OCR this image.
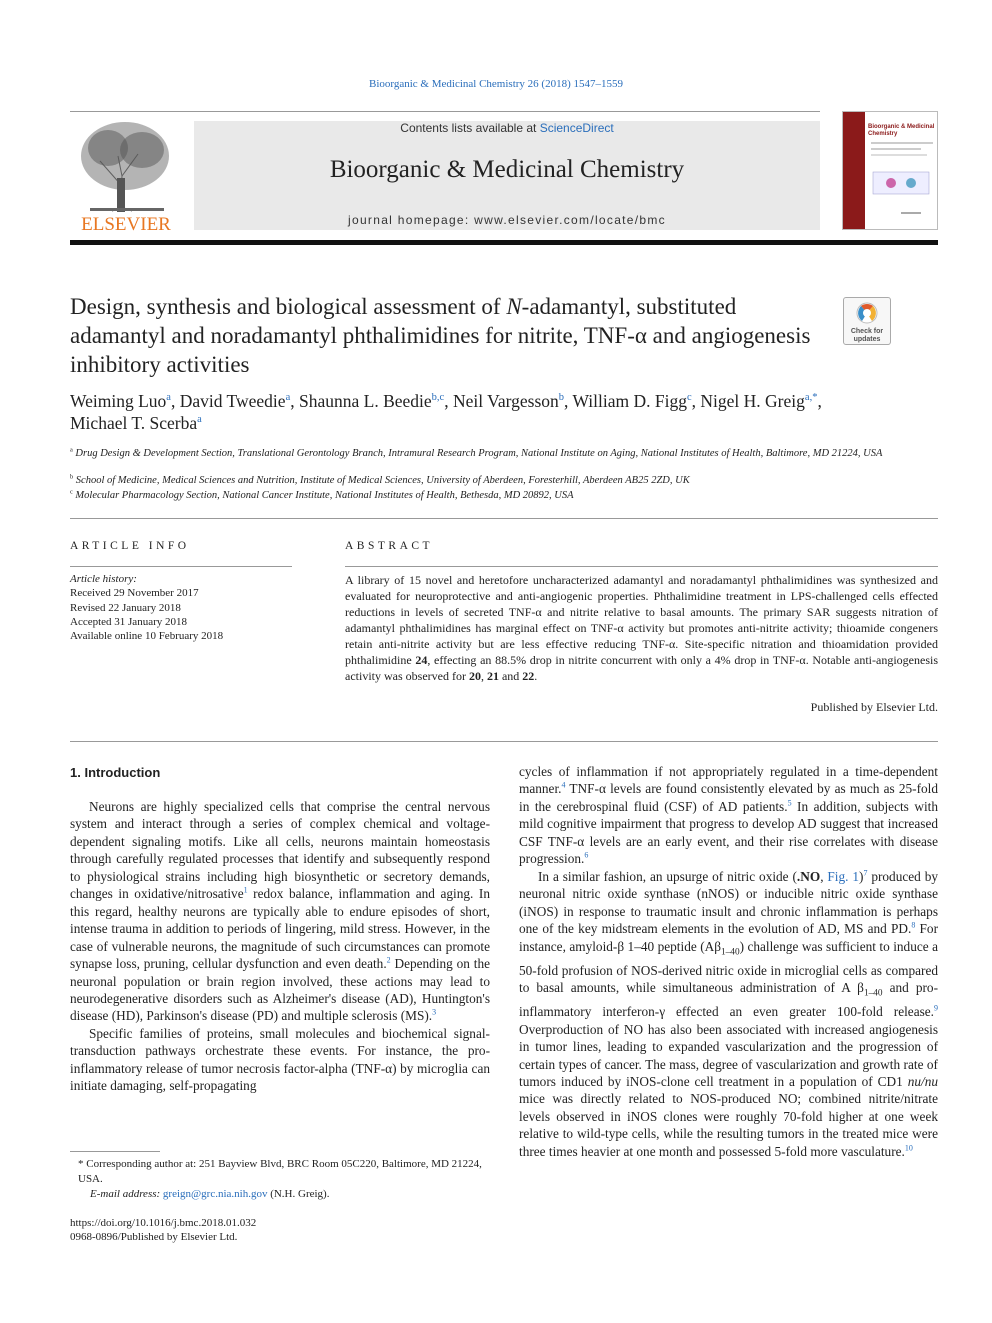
Bioorganic & Medicinal Chemistry 26 (2018) 1547–1559
ELSEVIER
Contents lists available at ScienceDirect
Bioorganic & Medicinal Chemistry
journal homepage: www.elsevier.com/locate/bmc
Bioorganic & Medicinal Chemistry
Design, synthesis and biological assessment of N-adamantyl, substituted adamantyl and noradamantyl phthalimidines for nitrite, TNF-α and angiogenesis inhibitory activities
Check for
updates
Weiming Luo$^a$, David Tweedie$^a$, Shaunna L. Beedie$^{b,c}$, Neil Vargesson$^b$, William D. Figg$^c$, Nigel H. Greig$^{a,*}$,
Michael T. Scerba$^a$
$^a$ Drug Design & Development Section, Translational Gerontology Branch, Intramural Research Program, National Institute on Aging, National Institutes of Health, Baltimore, MD 21224, USA
$^b$ School of Medicine, Medical Sciences and Nutrition, Institute of Medical Sciences, University of Aberdeen, Foresterhill, Aberdeen AB25 2ZD, UK
$^c$ Molecular Pharmacology Section, National Cancer Institute, National Institutes of Health, Bethesda, MD 20892, USA
ARTICLE INFO
Article history:
Received 29 November 2017
Revised 22 January 2018
Accepted 31 January 2018
Available online 10 February 2018
ABSTRACT
A library of 15 novel and heretofore uncharacterized adamantyl and noradamantyl phthalimidines was synthesized and evaluated for neuroprotective and anti-angiogenic properties. Phthalimidine treatment in LPS-challenged cells effected reductions in levels of secreted TNF-α and nitrite relative to basal amounts. The primary SAR suggests nitration of adamantyl phthalimidines has marginal effect on TNF-α activity but promotes anti-nitrite activity; thioamide congeners retain anti-nitrite activity but are less effective reducing TNF-α. Site-specific nitration and thioamidation provided phthalimidine 24, effecting an 88.5% drop in nitrite concurrent with only a 4% drop in TNF-α. Notable anti-angiogenesis activity was observed for 20, 21 and 22.
Published by Elsevier Ltd.
1. Introduction

Neurons are highly specialized cells that comprise the central nervous system and interact through a series of complex chemical and voltage-dependent signaling motifs. Like all cells, neurons maintain homeostasis through carefully regulated processes that identify and subsequently respond to physiological strains including high biosynthetic or secretory demands, changes in oxidative/nitrosative$^1$ redox balance, inflammation and aging. In this regard, healthy neurons are typically able to endure episodes of short, intense trauma in addition to periods of lingering, mild stress. However, in the case of vulnerable neurons, the magnitude of such circumstances can promote synapse loss, pruning, cellular dysfunction and even death.$^2$ Depending on the neuronal population or brain region involved, these actions may lead to neurodegenerative disorders such as Alzheimer's disease (AD), Huntington's disease (HD), Parkinson's disease (PD) and multiple sclerosis (MS).$^3$

Specific families of proteins, small molecules and biochemical signal-transduction pathways orchestrate these events. For instance, the pro-inflammatory release of tumor necrosis factor-alpha (TNF-α) by microglia can initiate damaging, self-propagating

cycles of inflammation if not appropriately regulated in a time-dependent manner.$^4$ TNF-α levels are found consistently elevated by as much as 25-fold in the cerebrospinal fluid (CSF) of AD patients.$^5$ In addition, subjects with mild cognitive impairment that progress to develop AD suggest that increased CSF TNF-α levels are an early event, and their rise correlates with disease progression.$^6$

In a similar fashion, an upsurge of nitric oxide (.NO, Fig. 1)$^7$ produced by neuronal nitric oxide synthase (nNOS) or inducible nitric oxide synthase (iNOS) in response to traumatic insult and chronic inflammation is perhaps one of the key midstream elements in the evolution of AD, MS and PD.$^8$ For instance, amyloid-β 1–40 peptide $(A\beta_{1-40})$ challenge was sufficient to induce a 50-fold profusion of NOS-derived nitric oxide in microglial cells as compared to basal amounts, while simultaneous administration of A $\beta_{1-40}$ and pro-inflammatory interferon-γ effected an even greater 100-fold release.$^9$ Overproduction of NO has also been associated with increased angiogenesis in tumor lines, leading to expanded vascularization and the progression of certain types of cancer. The mass, degree of vascularization and growth rate of tumors induced by iNOS-clone cell treatment in a population of CD1 nu/nu mice was directly related to NOS-produced NO; combined nitrite/nitrate levels observed in iNOS clones were roughly 70-fold higher at one week relative to wild-type cells, while the resulting tumors in the treated mice were three times heavier at one month and possessed 5-fold more vasculature.$^{10}$

* Corresponding author at: 251 Bayview Blvd, BRC Room 05C220, Baltimore, MD 21224, USA.
E-mail address: greign@grc.nia.nih.gov (N.H. Greig).
https://doi.org/10.1016/j.bmc.2018.01.032
0968-0896/Published by Elsevier Ltd.
